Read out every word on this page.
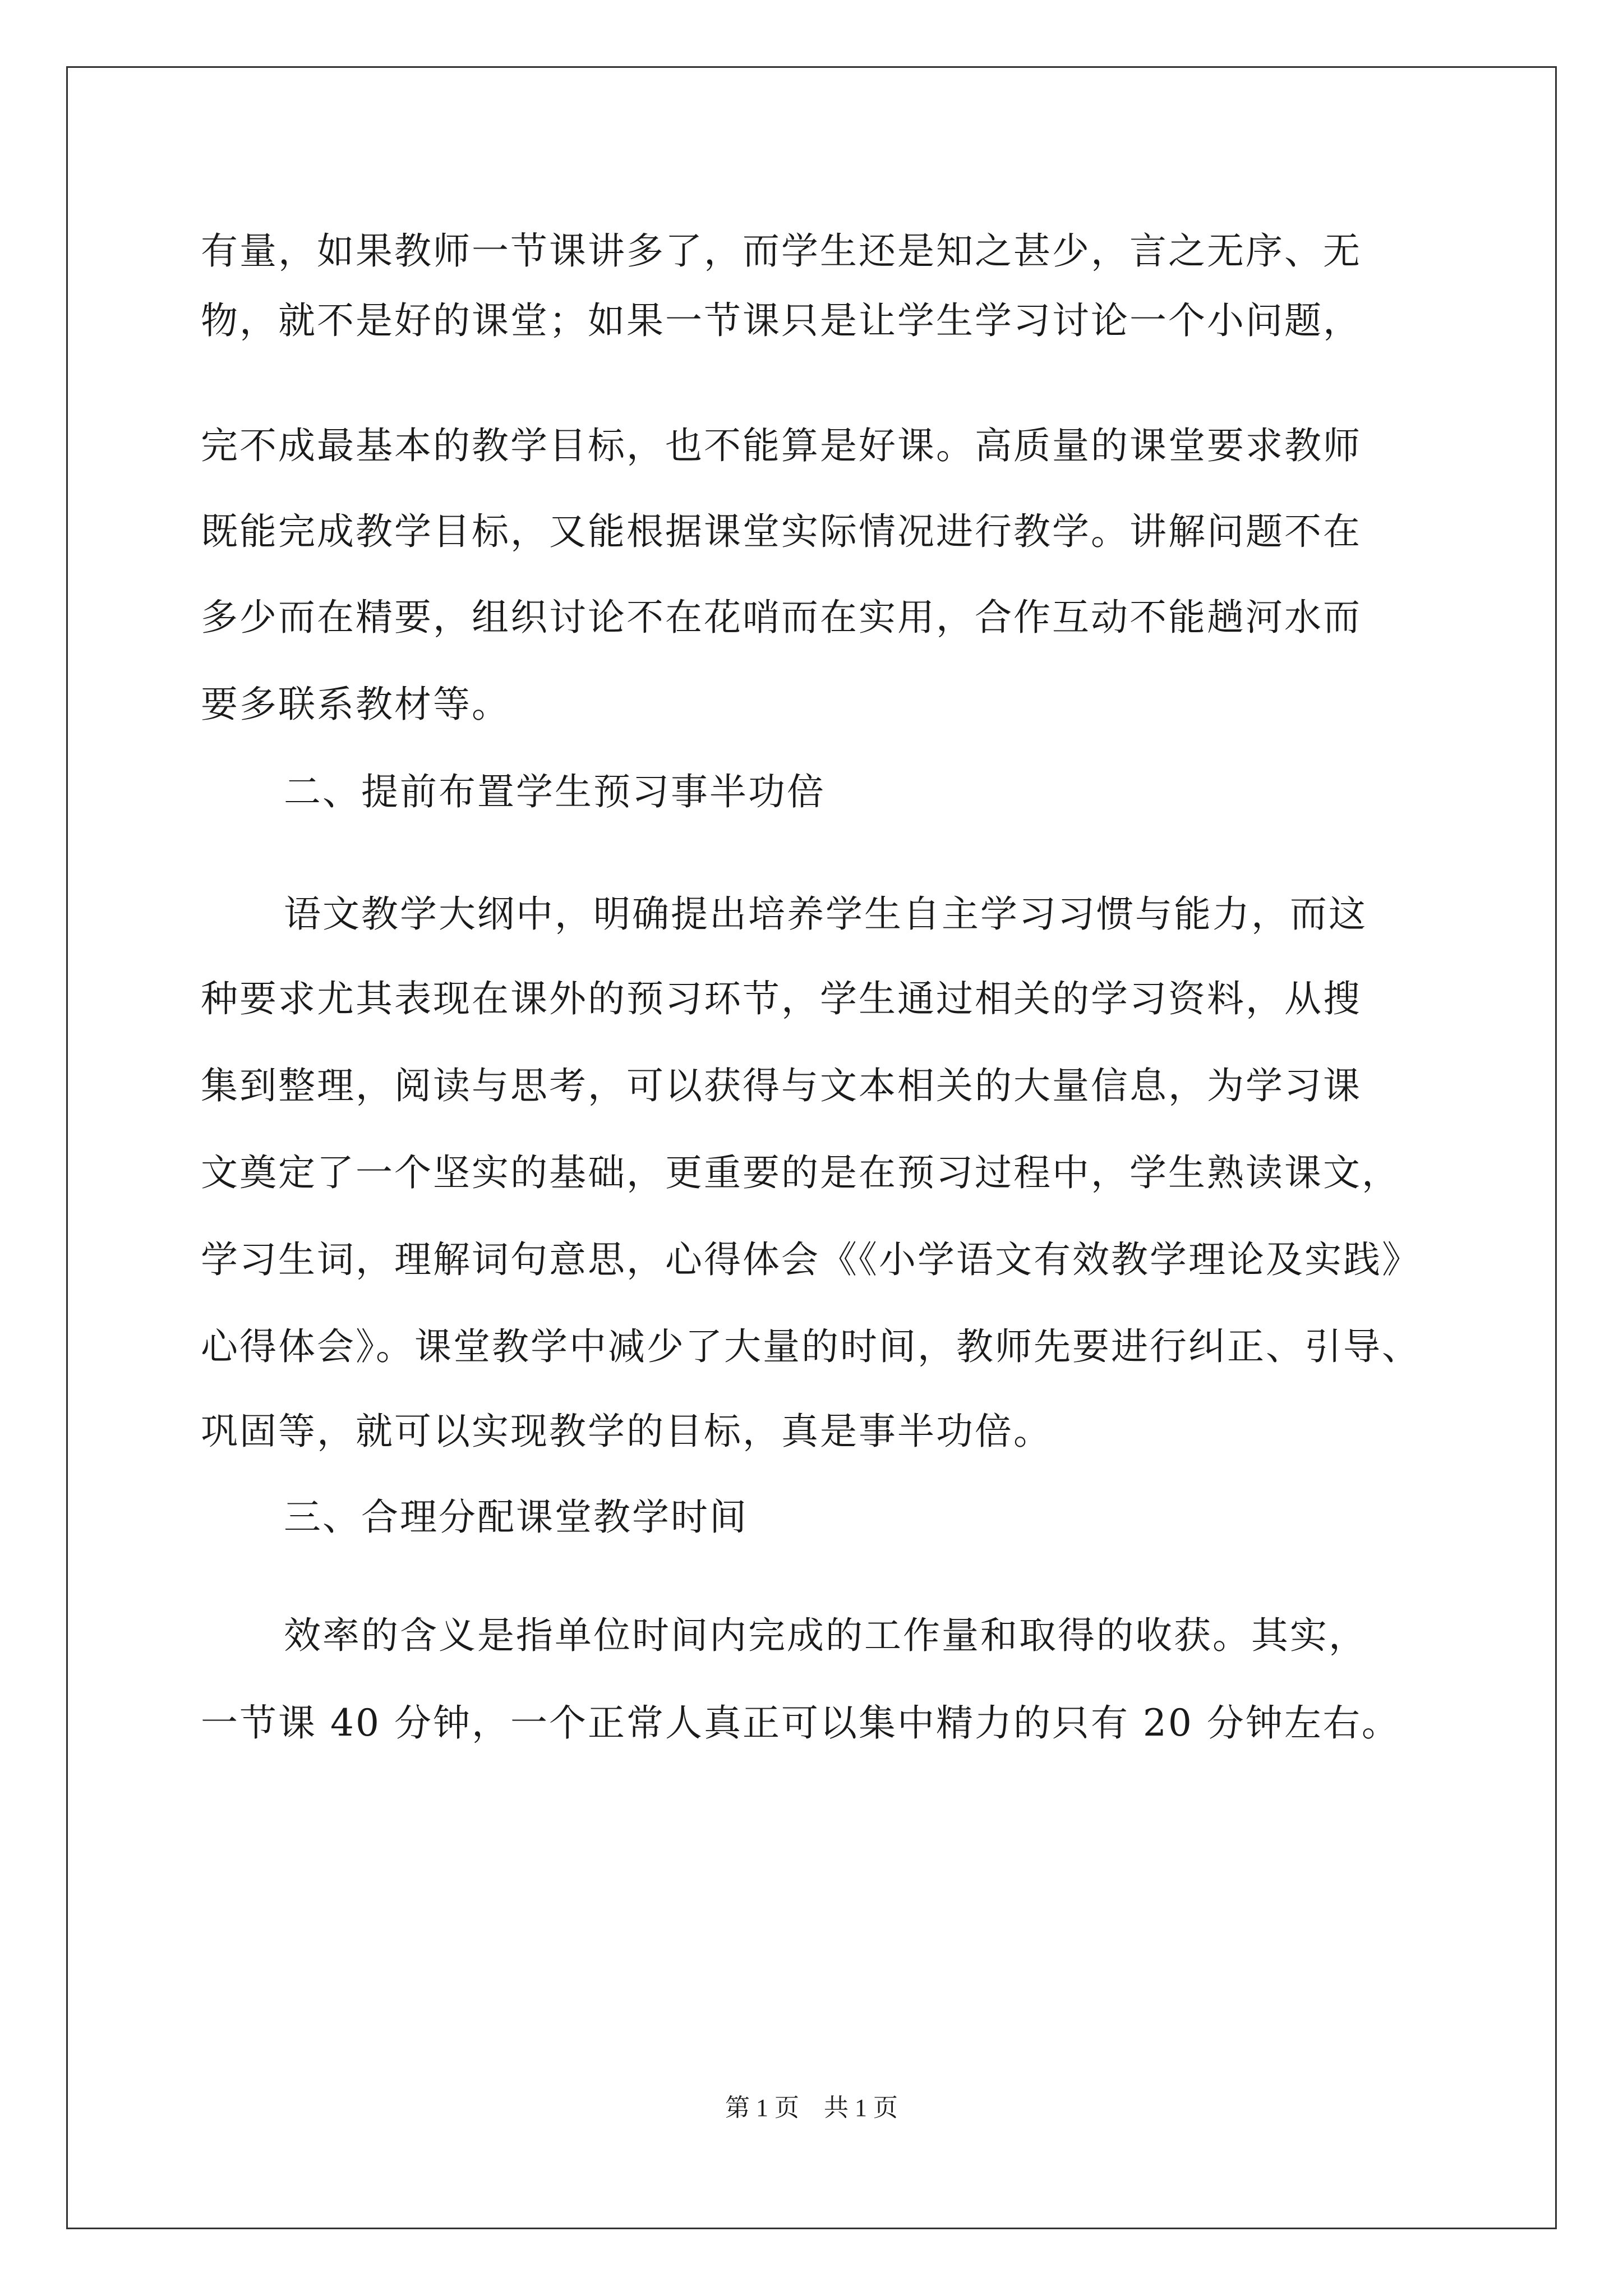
有量，如果教师一节课讲多了，而学生还是知之甚少，言之无序、无
物，就不是好的课堂；如果一节课只是让学生学习讨论一个小问题，
完不成最基本的教学目标，也不能算是好课。高质量的课堂要求教师
既能完成教学目标，又能根据课堂实际情况进行教学。讲解问题不在
多少而在精要，组织讨论不在花哨而在实用，合作互动不能趟河水而
要多联系教材等。
二、提前布置学生预习事半功倍
语文教学大纲中，明确提出培养学生自主学习习惯与能力，而这
种要求尤其表现在课外的预习环节，学生通过相关的学习资料，从搜
集到整理，阅读与思考，可以获得与文本相关的大量信息，为学习课
文奠定了一个坚实的基础，更重要的是在预习过程中，学生熟读课文，
学习生词，理解词句意思，心得体会《《小学语文有效教学理论及实践》
心得体会》。课堂教学中减少了大量的时间，教师先要进行纠正、引导、
巩固等，就可以实现教学的目标，真是事半功倍。
三、合理分配课堂教学时间
效率的含义是指单位时间内完成的工作量和取得的收获。其实，
一节课 40 分钟，一个正常人真正可以集中精力的只有 20 分钟左右。
第 1 页　共 1 页
